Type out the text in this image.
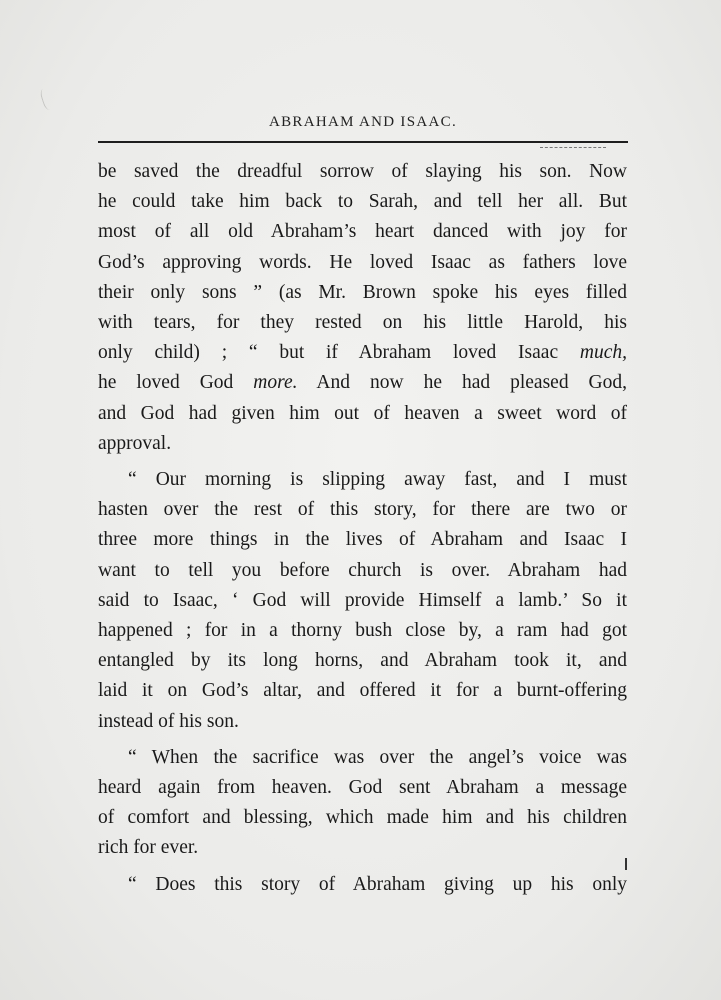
ABRAHAM AND ISAAC.
be saved the dreadful sorrow of slaying his son. Now
he could take him back to Sarah, and tell her all. But
most of all old Abraham’s heart danced with joy for
God’s approving words. He loved Isaac as fathers love
their only sons ” (as Mr. Brown spoke his eyes filled
with tears, for they rested on his little Harold, his
only child) ; “ but if Abraham loved Isaac much,
he loved God more. And now he had pleased God,
and God had given him out of heaven a sweet word of
approval.
“ Our morning is slipping away fast, and I must
hasten over the rest of this story, for there are two or
three more things in the lives of Abraham and Isaac I
want to tell you before church is over. Abraham had
said to Isaac, ‘ God will provide Himself a lamb.’ So it
happened ; for in a thorny bush close by, a ram had got
entangled by its long horns, and Abraham took it, and
laid it on God’s altar, and offered it for a burnt-offering
instead of his son.
“ When the sacrifice was over the angel’s voice was
heard again from heaven. God sent Abraham a message
of comfort and blessing, which made him and his children
rich for ever.
“ Does this story of Abraham giving up his only
